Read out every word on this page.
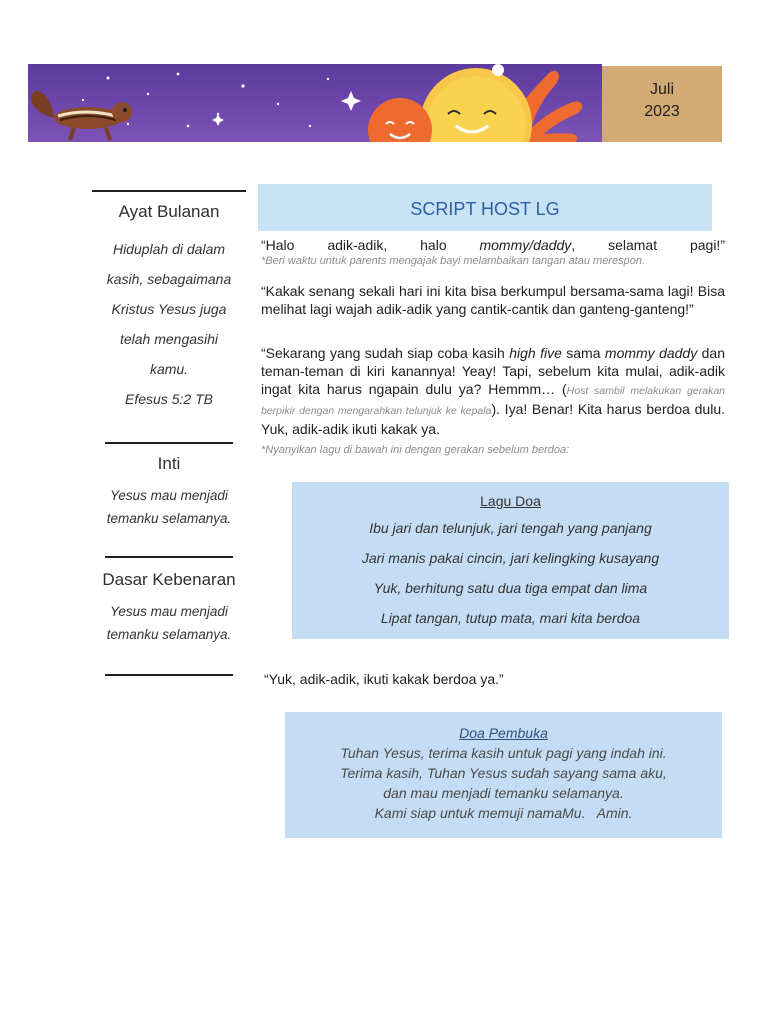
Juli
2023
Ayat Bulanan
Hiduplah di dalam
kasih, sebagaimana
Kristus Yesus juga
telah mengasihi
kamu.
Efesus 5:2 TB
Inti
Yesus mau menjadi
temanku selamanya.
Dasar Kebenaran
Yesus mau menjadi
temanku selamanya.
SCRIPT HOST LG
“Halo adik-adik, halo mommy/daddy, selamat pagi!”
*Beri waktu untuk parents mengajak bayi melambaikan tangan atau merespon.
“Kakak senang sekali hari ini kita bisa berkumpul bersama-sama lagi! Bisa melihat lagi wajah adik-adik yang cantik-cantik dan ganteng-ganteng!”
“Sekarang yang sudah siap coba kasih high five sama mommy daddy dan teman-teman di kiri kanannya! Yeay! Tapi, sebelum kita mulai, adik-adik ingat kita harus ngapain dulu ya? Hemmm… (Host sambil melakukan gerakan berpikir dengan mengarahkan telunjuk ke kepala). Iya! Benar! Kita harus berdoa dulu. Yuk, adik-adik ikuti kakak ya.
*Nyanyikan lagu di bawah ini dengan gerakan sebelum berdoa:
Lagu Doa
Ibu jari dan telunjuk, jari tengah yang panjang
Jari manis pakai cincin, jari kelingking kusayang
Yuk, berhitung satu dua tiga empat dan lima
Lipat tangan, tutup mata, mari kita berdoa
“Yuk, adik-adik, ikuti kakak berdoa ya.”
Doa Pembuka
Tuhan Yesus, terima kasih untuk pagi yang indah ini.
Terima kasih, Tuhan Yesus sudah sayang sama aku,
dan mau menjadi temanku selamanya.
Kami siap untuk memuji namaMu.   Amin.
